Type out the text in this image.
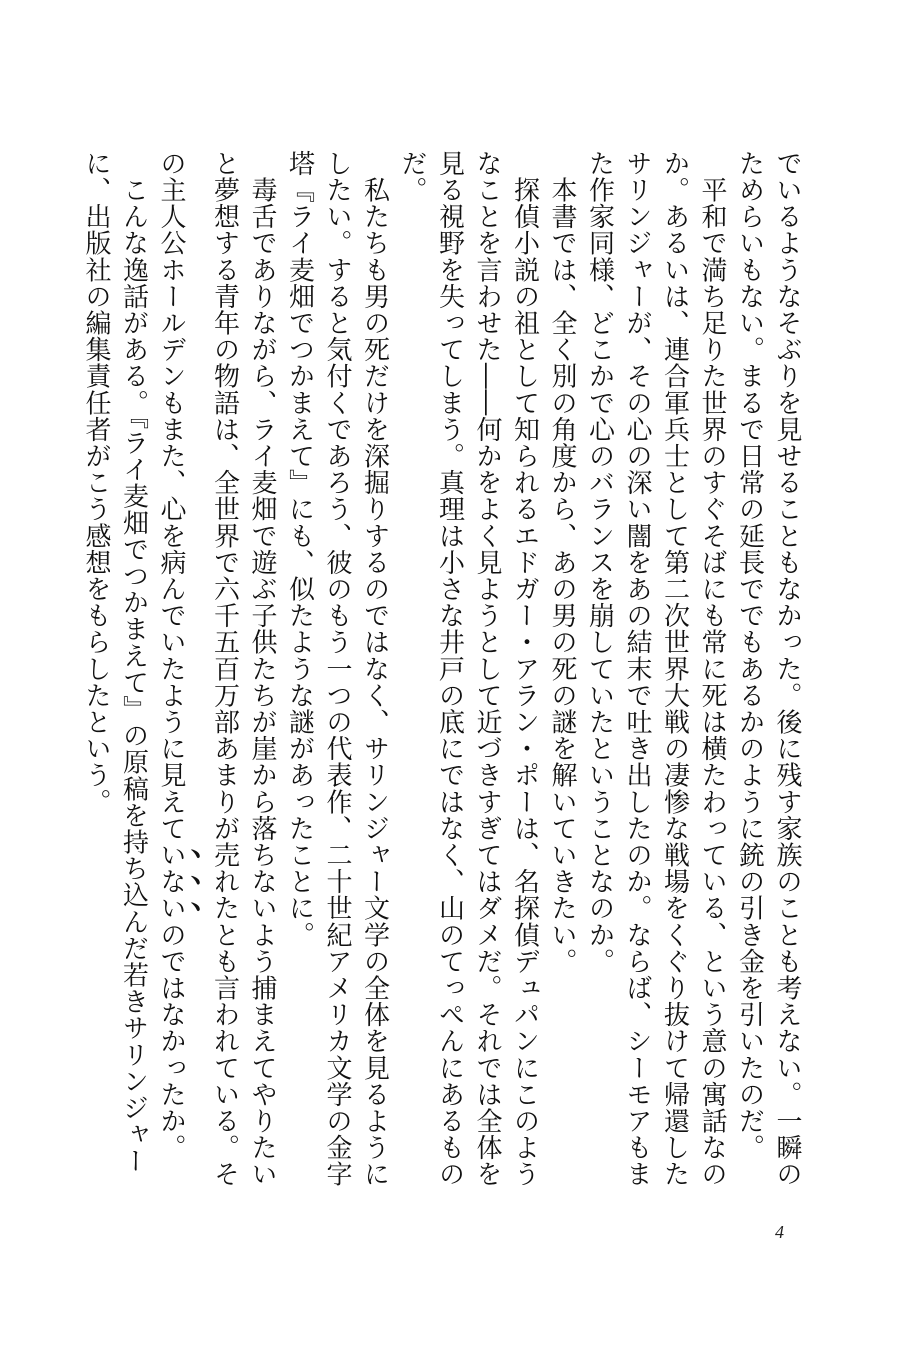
でいるようなそぶりを見せることもなかった。後に残す家族のことも考えない。一瞬のためらいもない。まるで日常の延長ででもあるかのように銃の引き金を引いたのだ。

　平和で満ち足りた世界のすぐそばにも常に死は横たわっている、という意の寓話なのか。あるいは、連合軍兵士として第二次世界大戦の凄惨な戦場をくぐり抜けて帰還したサリンジャーが、その心の深い闇をあの結末で吐き出したのか。ならば、シーモアもまた作家同様、どこかで心のバランスを崩していたということなのか。

　本書では、全く別の角度から、あの男の死の謎を解いていきたい。

　探偵小説の祖として知られるエドガー・アラン・ポーは、名探偵デュパンにこのようなことを言わせた――何かをよく見ようとして近づきすぎてはダメだ。それでは全体を見る視野を失ってしまう。真理は小さな井戸の底にではなく、山のてっぺんにあるものだ。

　私たちも男の死だけを深掘りするのではなく、サリンジャー文学の全体を見るようにしたい。すると気付くであろう、彼のもう一つの代表作、二十世紀アメリカ文学の金字塔『ライ麦畑でつかまえて』にも、似たような謎があったことに。

　毒舌でありながら、ライ麦畑で遊ぶ子供たちが崖から落ちないよう捕まえてやりたいと夢想する青年の物語は、全世界で六千五百万部あまりが売れたとも言われている。その主人公ホールデンもまた、心を病んでいたように見えていないのではなかったか。

　こんな逸話がある。『ライ麦畑でつかまえて』の原稿を持ち込んだ若きサリンジャーに、出版社の編集責任者がこう感想をもらしたという。

4
